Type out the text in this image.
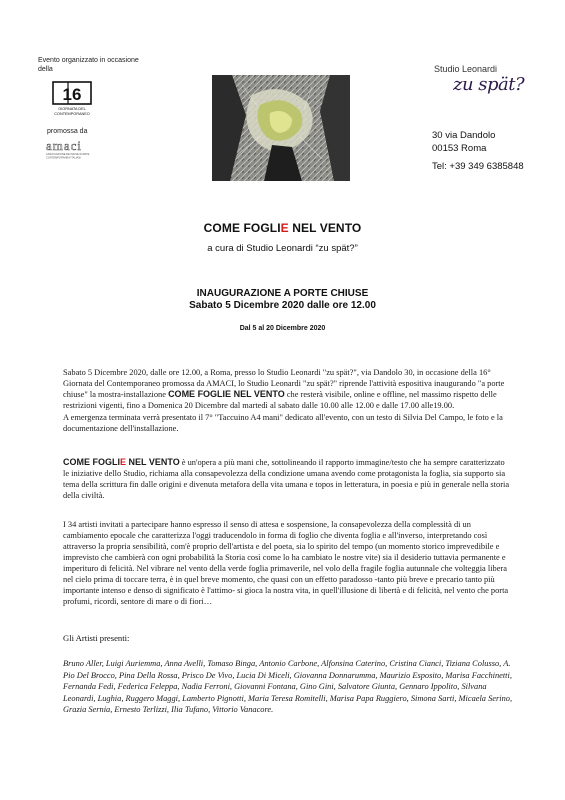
Evento organizzato in occasione della
16
GIORNATA DEL
CONTEMPORANEO
promossa da
amaci
ASSOCIAZIONE DEI MUSEI D'ARTE
CONTEMPORANEA ITALIANI
Studio Leonardi
zu spät?
30 via Dandolo
00153 Roma
Tel: +39 349 6385848
COME FOGLIE NEL VENTO
a cura di Studio Leonardi “zu spät?”
INAUGURAZIONE A PORTE CHIUSE
Sabato 5 Dicembre 2020 dalle ore 12.00
Dal 5 al 20 Dicembre 2020
Sabato 5 Dicembre 2020, dalle ore 12.00, a Roma, presso lo Studio Leonardi "zu spät?", via Dandolo 30, in occasione della 16° Giornata del Contemporaneo promossa da AMACI, lo Studio Leonardi "zu spät?" riprende l'attività espositiva inaugurando "a porte chiuse" la mostra-installazione COME FOGLIE NEL VENTO che resterà visibile, online e offline, nel massimo rispetto delle restrizioni vigenti, fino a Domenica 20 Dicembre dal martedì al sabato dalle 10.00 alle 12.00 e dalle 17.00 alle19.00.
A emergenza terminata verrà presentato il 7° "Taccuino A4 mani" dedicato all'evento, con un testo di Silvia Del Campo, le foto e la documentazione dell'installazione.
COME FOGLIE NEL VENTO è un'opera a più mani che, sottolineando il rapporto immagine/testo che ha sempre caratterizzato le iniziative dello Studio, richiama alla consapevolezza della condizione umana avendo come protagonista la foglia, sia supporto sia tema della scrittura fin dalle origini e divenuta metafora della vita umana e topos in letteratura, in poesia e più in generale nella storia della civiltà.
I 34 artisti invitati a partecipare hanno espresso il senso di attesa e sospensione, la consapevolezza della complessità di un cambiamento epocale che caratterizza l'oggi traducendolo in forma di foglio che diventa foglia e all'inverso, interpretando così attraverso la propria sensibilità, com'è proprio dell'artista e del poeta, sia lo spirito del tempo (un momento storico imprevedibile e imprevisto che cambierà con ogni probabilità la Storia così come lo ha cambiato le nostre vite) sia il desiderio tuttavia permanente e imperituro di felicità. Nel vibrare nel vento della verde foglia primaverile, nel volo della fragile foglia autunnale che volteggia libera nel cielo prima di toccare terra, è in quel breve momento, che quasi con un effetto paradosso -tanto più breve e precario tanto più importante intenso e denso di significato è l'attimo- si gioca la nostra vita, in quell'illusione di libertà e di felicità, nel vento che porta profumi, ricordi, sentore di mare o di fiori…
Gli Artisti presenti:
Bruno Aller, Luigi Auriemma, Anna Avelli, Tomaso Binga, Antonio Carbone, Alfonsina Caterino, Cristina Cianci, Tiziana Colusso, A. Pio Del Brocco, Pina Della Rossa, Prisco De Vivo, Lucia Di Miceli, Giovanna Donnarumma, Maurizio Esposito, Marisa Facchinetti, Fernanda Fedi, Federica Feleppa, Nadia Ferroni, Giovanni Fontana, Gino Gini, Salvatore Giunta, Gennaro Ippolito, Silvana Leonardi, Lughia, Ruggero Maggi, Lamberto Pignotti, Maria Teresa Romitelli, Marisa Papa Ruggiero, Simona Sarti, Micaela Serino, Grazia Sernia, Ernesto Terlizzi, Ilia Tufano, Vittorio Vanacore.
